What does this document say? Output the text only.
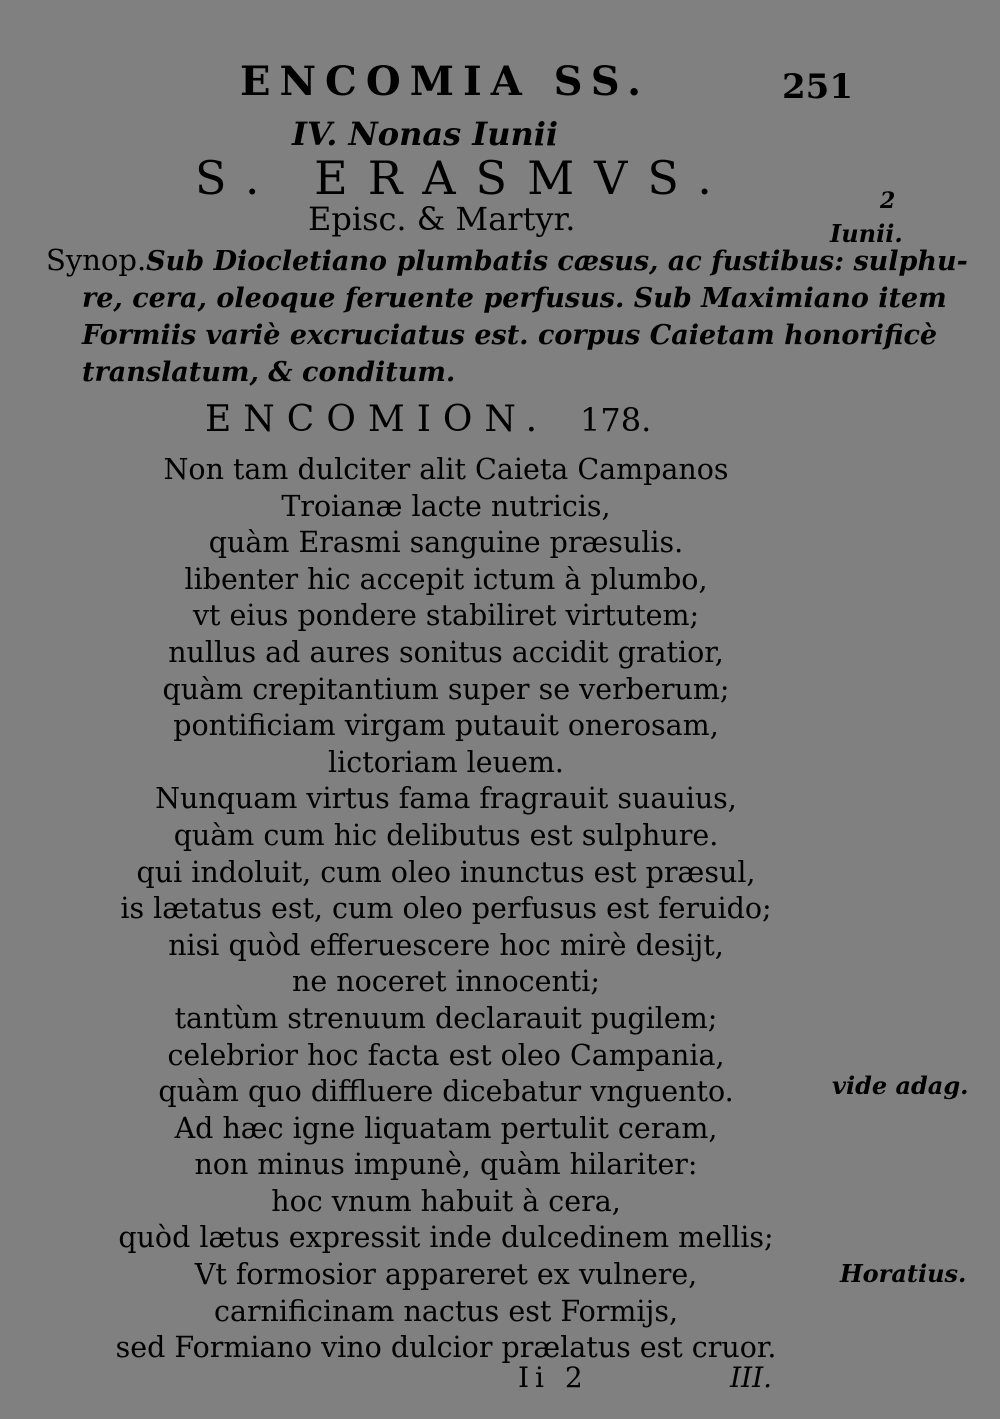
ENCOMIA SS.	251
IV. Nonas Iunii
S. ERASMVS.
Episc. & Martyr.
Synop.Sub Diocletiano plumbatis cæsus, ac fustibus: sulphu-
re, cera, oleoque feruente perfusus. Sub Maximiano item
Formiis variè excruciatus est. corpus Caietam honorificè
translatum, & conditum.
ENCOMION. 178.
Non tam dulciter alit Caieta Campanos
Troianæ lacte nutricis,
quàm Erasmi sanguine præsulis.
libenter hic accepit ictum à plumbo,
vt eius pondere stabiliret virtutem;
nullus ad aures sonitus accidit gratior,
quàm crepitantium super se verberum;
pontificiam virgam putauit onerosam,
lictoriam leuem.
Nunquam virtus fama fragrauit suauius,
quàm cum hic delibutus est sulphure.
qui indoluit, cum oleo inunctus est præsul,
is lætatus est, cum oleo perfusus est feruido;
nisi quòd efferuescere hoc mirè desijt,
ne noceret innocenti;
tantùm strenuum declarauit pugilem;
celebrior hoc facta est oleo Campania,
quàm quo diffluere dicebatur vnguento.
Ad hæc igne liquatam pertulit ceram,
non minus impunè, quàm hilariter:
hoc vnum habuit à cera,
quòd lætus expressit inde dulcedinem mellis;
Vt formosior appareret ex vulnere,
carnificinam nactus est Formijs,
sed Formiano vino dulcior prælatus est cruor.
2
Iunii.
vide adag.
Horatius.
Ii 2	III.
